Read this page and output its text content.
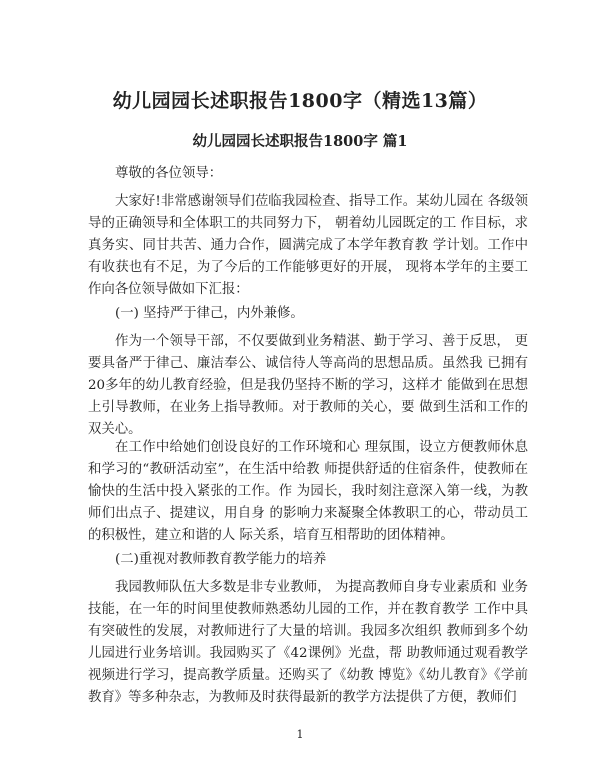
幼儿园园长述职报告1800字（精选13篇）
幼儿园园长述职报告1800字 篇1

尊敬的各位领导：

大家好!非常感谢领导们莅临我园检查、指导工作。某幼儿园在 各级领导的正确领导和全体职工的共同努力下， 朝着幼儿园既定的工 作目标，求真务实、同甘共苦、通力合作，圆满完成了本学年教育教 学计划。工作中有收获也有不足，为了今后的工作能够更好的开展， 现将本学年的主要工作向各位领导做如下汇报：

(一) 坚持严于律己，内外兼修。

作为一个领导干部，不仅要做到业务精湛、勤于学习、善于反思， 更要具备严于律己、廉洁奉公、诚信待人等高尚的思想品质。虽然我 已拥有20多年的幼儿教育经验，但是我仍坚持不断的学习，这样才 能做到在思想上引导教师，在业务上指导教师。对于教师的关心，要 做到生活和工作的双关心。

在工作中给她们创设良好的工作环境和心 理氛围，设立方便教师休息和学习的“教研活动室”，在生活中给教 师提供舒适的住宿条件，使教师在愉快的生活中投入紧张的工作。作 为园长，我时刻注意深入第一线，为教师们出点子、提建议，用自身 的影响力来凝聚全体教职工的心，带动员工的积极性，建立和谐的人 际关系，培育互相帮助的团体精神。

(二)重视对教师教育教学能力的培养

我园教师队伍大多数是非专业教师， 为提高教师自身专业素质和 业务技能，在一年的时间里使教师熟悉幼儿园的工作，并在教育教学 工作中具有突破性的发展，对教师进行了大量的培训。我园多次组织 教师到多个幼儿园进行业务培训。我园购买了《42课例》光盘，帮 助教师通过观看教学视频进行学习，提高教学质量。还购买了《幼教 博览》《幼儿教育》《学前教育》等多种杂志，为教师及时获得最新的教学方法提供了方便，教师们

1
